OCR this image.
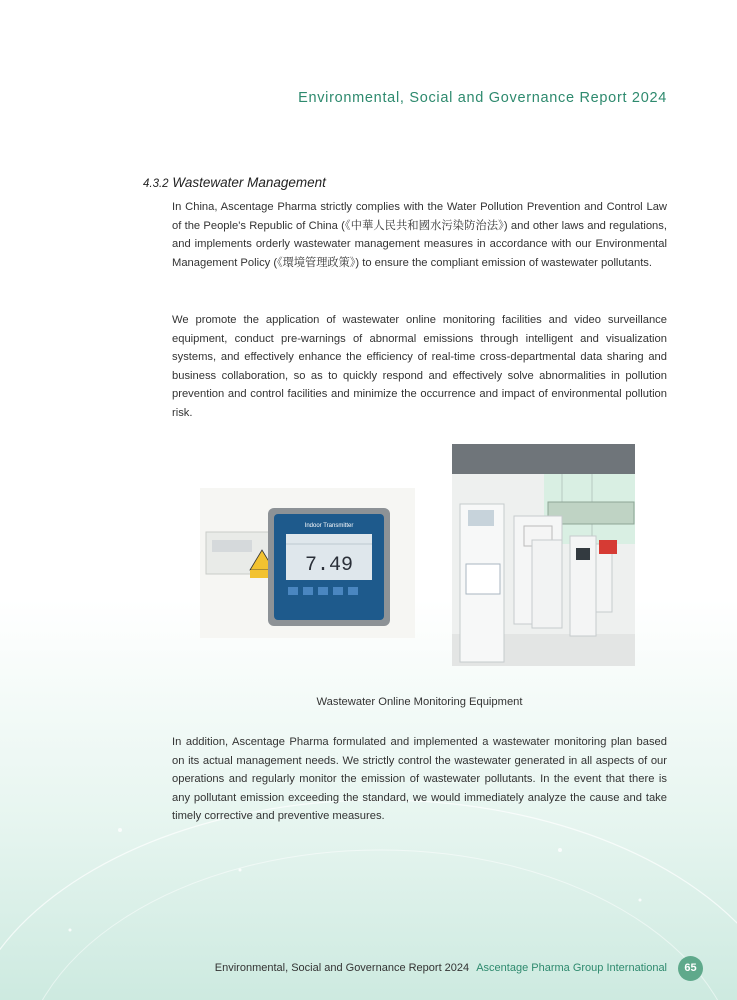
Environmental, Social and Governance Report 2024
4.3.2 Wastewater Management

In China, Ascentage Pharma strictly complies with the Water Pollution Prevention and Control Law of the People's Republic of China (《中華人民共和國水污染防治法》) and other laws and regulations, and implements orderly wastewater management measures in accordance with our Environmental Management Policy (《環境管理政策》) to ensure the compliant emission of wastewater pollutants.

We promote the application of wastewater online monitoring facilities and video surveillance equipment, conduct pre-warnings of abnormal emissions through intelligent and visualization systems, and effectively enhance the efficiency of real-time cross-departmental data sharing and business collaboration, so as to quickly respond and effectively solve abnormalities in pollution prevention and control facilities and minimize the occurrence and impact of environmental pollution risk.

Indoor Transmitter
7.49
Wastewater Online Monitoring Equipment

In addition, Ascentage Pharma formulated and implemented a wastewater monitoring plan based on its actual management needs. We strictly control the wastewater generated in all aspects of our operations and regularly monitor the emission of wastewater pollutants. In the event that there is any pollutant emission exceeding the standard, we would immediately analyze the cause and take timely corrective and preventive measures.

Environmental, Social and Governance Report 2024 Ascentage Pharma Group International	65
